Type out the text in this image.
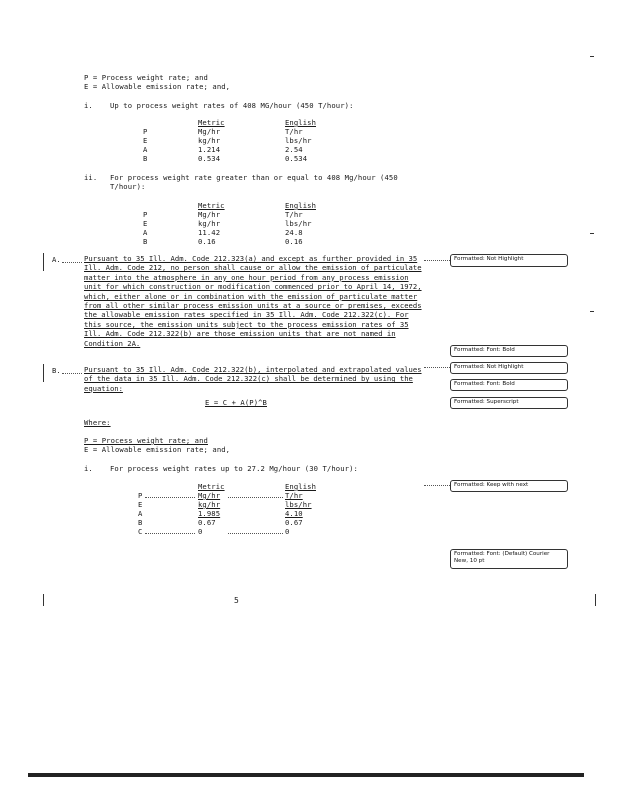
P = Process weight rate; and
E = Allowable emission rate; and,
i. Up to process weight rates of 408 MG/hour (450 T/hour):
Metric	English
P	Mg/hr	T/hr
E	kg/hr	lbs/hr
A	1.214	2.54
B	0.534	0.534
ii. For process weight rate greater than or equal to 408 Mg/hour (450
T/hour):
Metric	English
P	Mg/hr	T/hr
E	kg/hr	lbs/hr
A	11.42	24.8
B	0.16	0.16
A.	Pursuant to 35 Ill. Adm. Code 212.323(a) and except as further provided in 35 Ill. Adm. Code 212, no person shall cause or allow the emission of particulate matter into the atmosphere in any one hour period from any process emission unit for which construction or modification commenced prior to April 14, 1972, which, either alone or in combination with the emission of particulate matter from all other similar process emission units at a source or premises, exceeds the allowable emission rates specified in 35 Ill. Adm. Code 212.322(c). For this source, the emission units subject to the process emission rates of 35 Ill. Adm. Code 212.322(b) are those emission units that are not named in Condition 2A.
B.	Pursuant to 35 Ill. Adm. Code 212.322(b), interpolated and extrapolated values of the data in 35 Ill. Adm. Code 212.322(c) shall be determined by using the equation:
E = C + A(P)^B
Where:
P = Process weight rate; and
E = Allowable emission rate; and,
i. For process weight rates up to 27.2 Mg/hour (30 T/hour):
Metric	English
P	Mg/hr	T/hr
E	kg/hr	lbs/hr
A	1.985	4.10
B	0.67	0.67
C	0	0
5
Formatted: Not Highlight
Formatted: Font: Bold
Formatted: Not Highlight
Formatted: Font: Bold
Formatted: Superscript
Formatted: Keep with next
Formatted: Font: (Default) Courier New, 10 pt
